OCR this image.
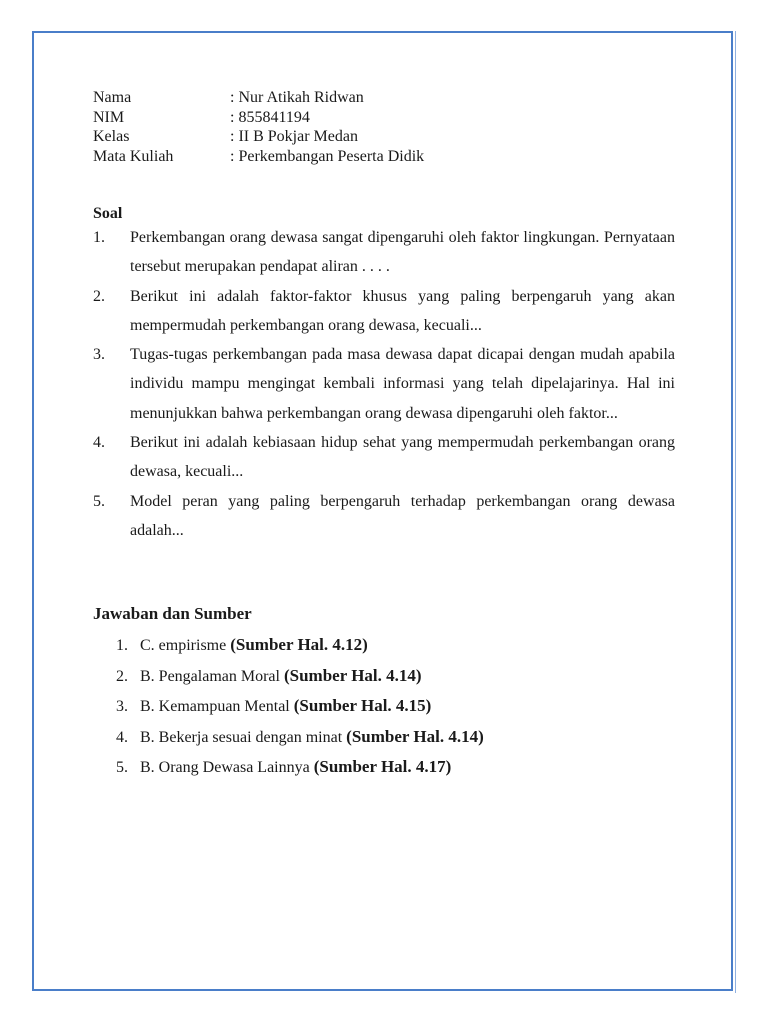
Nama	: Nur Atikah Ridwan
NIM	: 855841194
Kelas	: II B Pokjar Medan
Mata Kuliah	: Perkembangan Peserta Didik
Soal
1.	Perkembangan orang dewasa sangat dipengaruhi oleh faktor lingkungan. Pernyataan tersebut merupakan pendapat aliran . . . .
2.	Berikut ini adalah faktor-faktor khusus yang paling berpengaruh yang akan mempermudah perkembangan orang dewasa, kecuali...
3.	Tugas-tugas perkembangan pada masa dewasa dapat dicapai dengan mudah apabila individu mampu mengingat kembali informasi yang telah dipelajarinya. Hal ini menunjukkan bahwa perkembangan orang dewasa dipengaruhi oleh faktor...
4.	Berikut ini adalah kebiasaan hidup sehat yang mempermudah perkembangan orang dewasa, kecuali...
5.	Model peran yang paling berpengaruh terhadap perkembangan orang dewasa adalah...
Jawaban dan Sumber
1. C. empirisme (Sumber Hal. 4.12)
2. B. Pengalaman Moral (Sumber Hal. 4.14)
3. B. Kemampuan Mental (Sumber Hal. 4.15)
4. B. Bekerja sesuai dengan minat (Sumber Hal. 4.14)
5. B. Orang Dewasa Lainnya (Sumber Hal. 4.17)
